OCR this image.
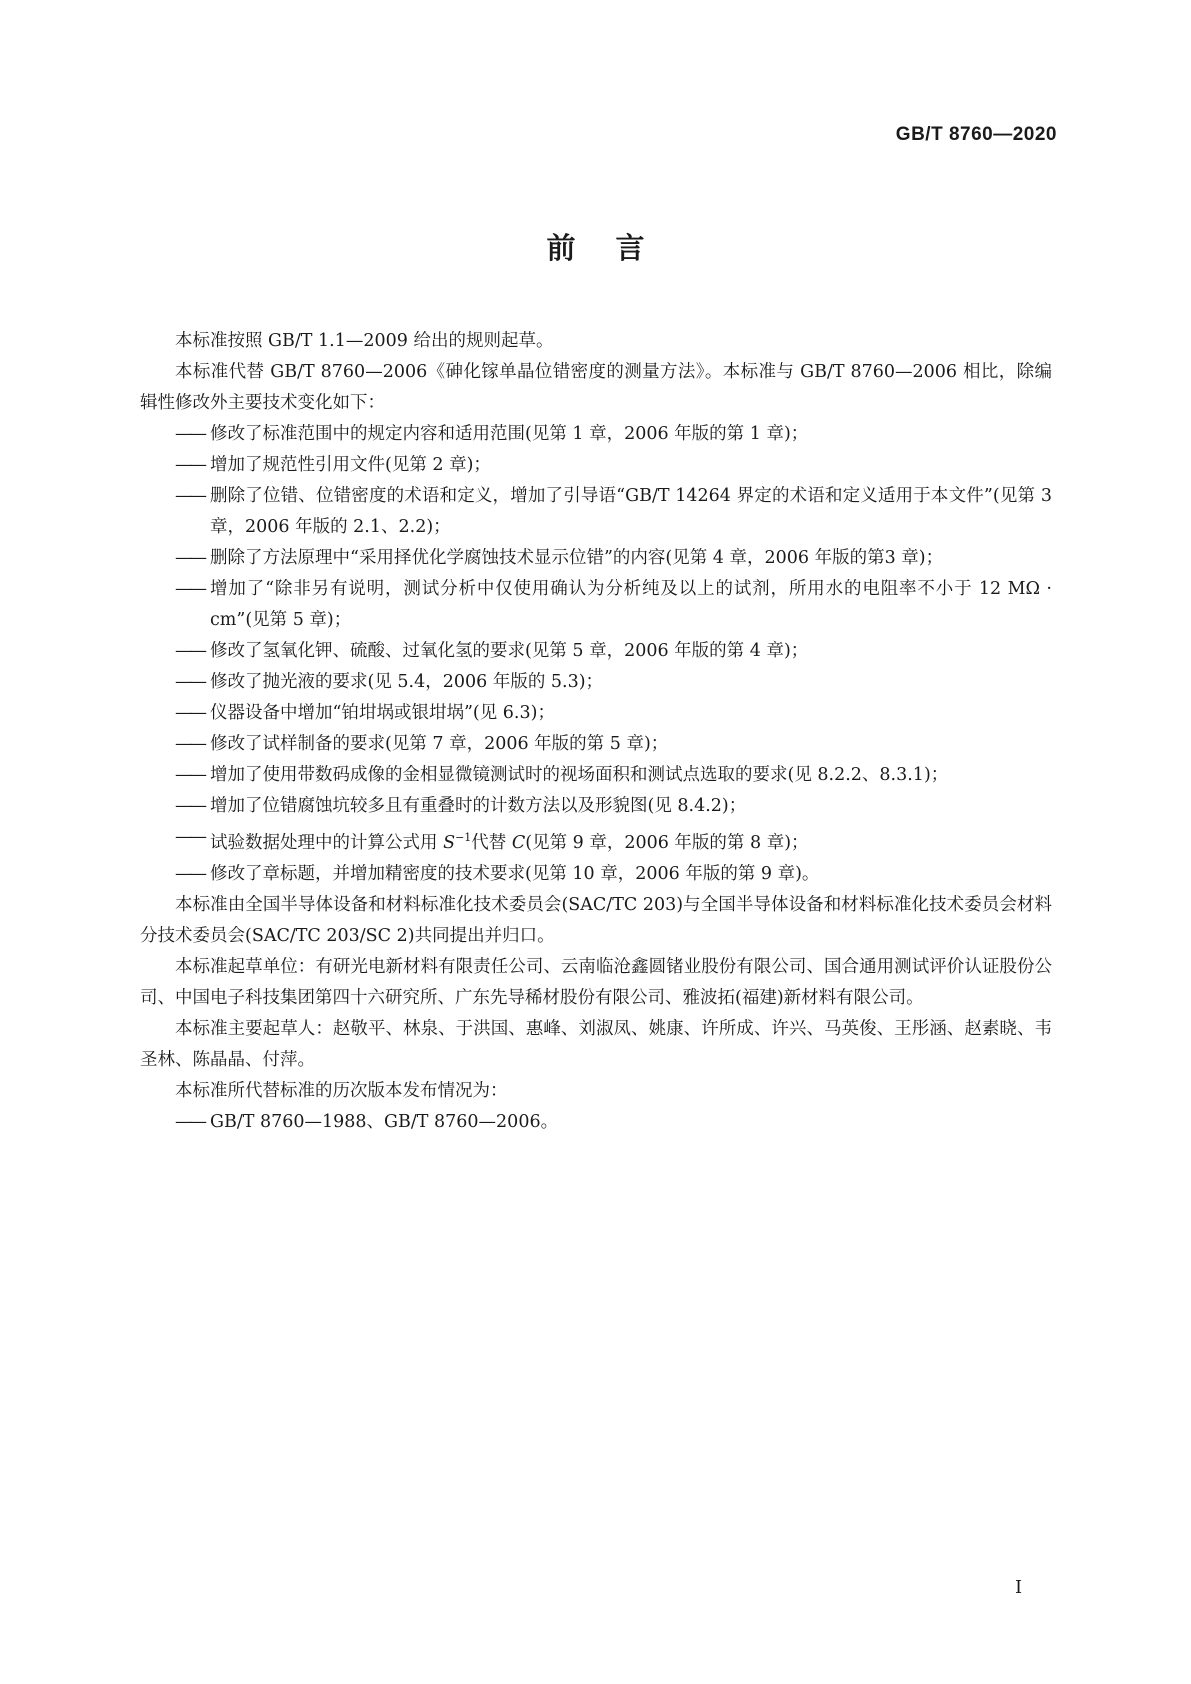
GB/T 8760—2020
前言

本标准按照 GB/T 1.1—2009 给出的规则起草。

本标准代替 GB/T 8760—2006《砷化镓单晶位错密度的测量方法》。本标准与 GB/T 8760—2006 相比，除编辑性修改外主要技术变化如下：

—— 修改了标准范围中的规定内容和适用范围(见第 1 章，2006 年版的第 1 章)；

—— 增加了规范性引用文件(见第 2 章)；

—— 删除了位错、位错密度的术语和定义，增加了引导语“GB/T 14264 界定的术语和定义适用于本文件”(见第 3 章，2006 年版的 2.1、2.2)；

—— 删除了方法原理中“采用择优化学腐蚀技术显示位错”的内容(见第 4 章，2006 年版的第3 章)；

—— 增加了“除非另有说明，测试分析中仅使用确认为分析纯及以上的试剂，所用水的电阻率不小于 12 MΩ · cm”(见第 5 章)；

—— 修改了氢氧化钾、硫酸、过氧化氢的要求(见第 5 章，2006 年版的第 4 章)；

—— 修改了抛光液的要求(见 5.4，2006 年版的 5.3)；

—— 仪器设备中增加“铂坩埚或银坩埚”(见 6.3)；

—— 修改了试样制备的要求(见第 7 章，2006 年版的第 5 章)；

—— 增加了使用带数码成像的金相显微镜测试时的视场面积和测试点选取的要求(见 8.2.2、8.3.1)；

—— 增加了位错腐蚀坑较多且有重叠时的计数方法以及形貌图(见 8.4.2)；

—— 试验数据处理中的计算公式用 $S^{-1}$代替 C(见第 9 章，2006 年版的第 8 章)；

—— 修改了章标题，并增加精密度的技术要求(见第 10 章，2006 年版的第 9 章)。

本标准由全国半导体设备和材料标准化技术委员会(SAC/TC 203)与全国半导体设备和材料标准化技术委员会材料分技术委员会(SAC/TC 203/SC 2)共同提出并归口。

本标准起草单位：有研光电新材料有限责任公司、云南临沧鑫圆锗业股份有限公司、国合通用测试评价认证股份公司、中国电子科技集团第四十六研究所、广东先导稀材股份有限公司、雅波拓(福建)新材料有限公司。

本标准主要起草人：赵敬平、林泉、于洪国、惠峰、刘淑凤、姚康、许所成、许兴、马英俊、王彤涵、赵素晓、韦圣林、陈晶晶、付萍。

本标准所代替标准的历次版本发布情况为：

—— GB/T 8760—1988、GB/T 8760—2006。

I
